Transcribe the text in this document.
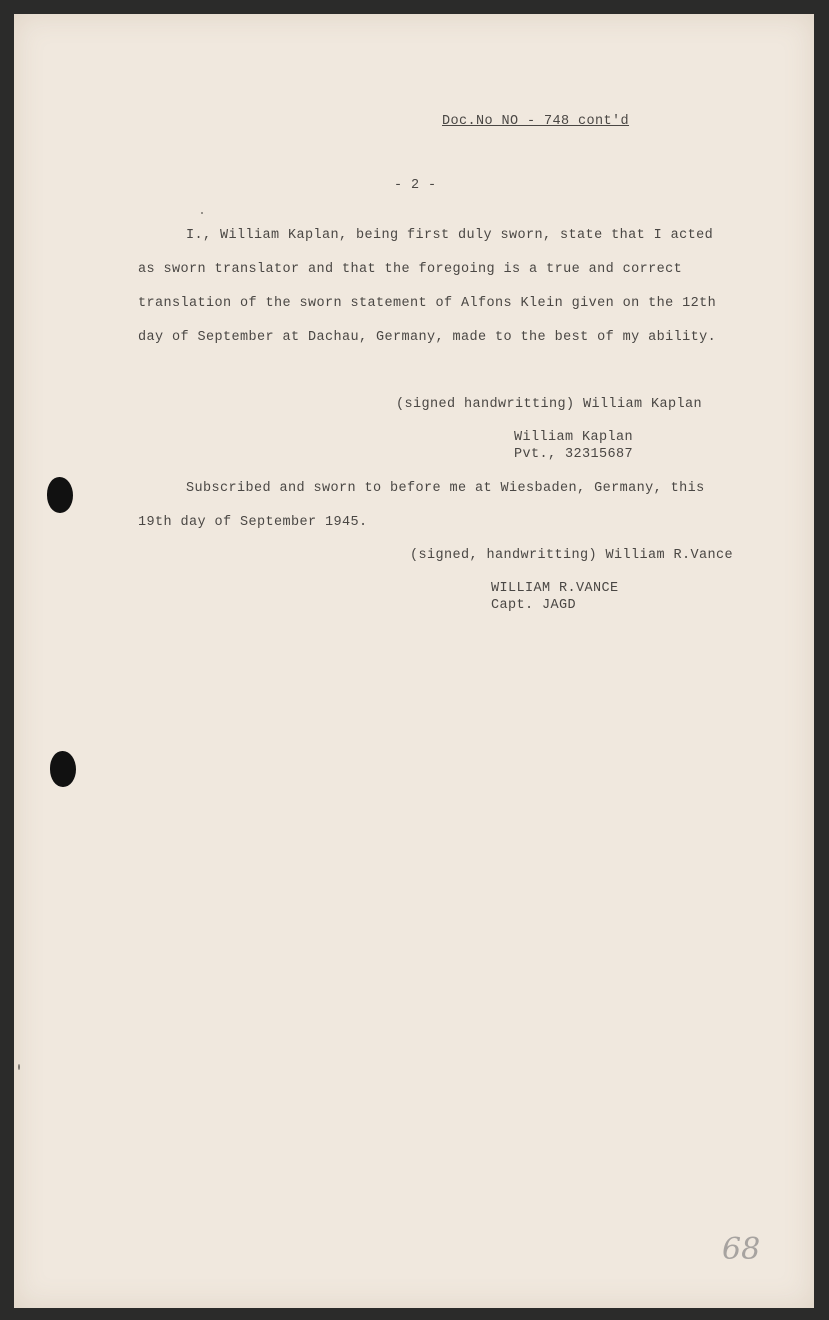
Doc.No NO - 748 cont'd
- 2 -
I., William Kaplan, being first duly sworn, state that I acted
as sworn translator and that the foregoing is a true and correct
translation of the sworn statement of Alfons Klein given on the 12th
day of September at Dachau, Germany, made to the best of my ability.
(signed handwritting) William Kaplan
William Kaplan
Pvt., 32315687
Subscribed and sworn to before me at Wiesbaden, Germany, this
19th day of September 1945.
(signed, handwritting) William R.Vance
WILLIAM R.VANCE
Capt. JAGD
68
